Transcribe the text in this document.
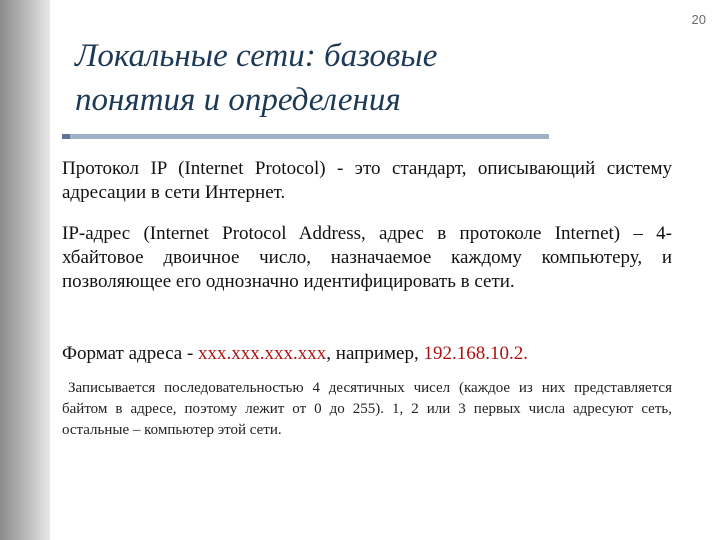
20
Локальные сети: базовые
понятия и определения
Протокол IP (Internet Protocol) - это стандарт, описывающий систему адресации в сети Интернет.
IP-адрес (Internet Protocol Address, адрес в протоколе Internet) – 4-хбайтовое двоичное число, назначаемое каждому компьютеру, и позволяющее его однозначно идентифицировать в сети.
Формат адреса - xxx.xxx.xxx.xxx, например, 192.168.10.2.
Записывается последовательностью 4 десятичных чисел (каждое из них представляется байтом в адресе, поэтому лежит от 0 до 255). 1, 2 или 3 первых числа адресуют сеть, остальные – компьютер этой сети.
